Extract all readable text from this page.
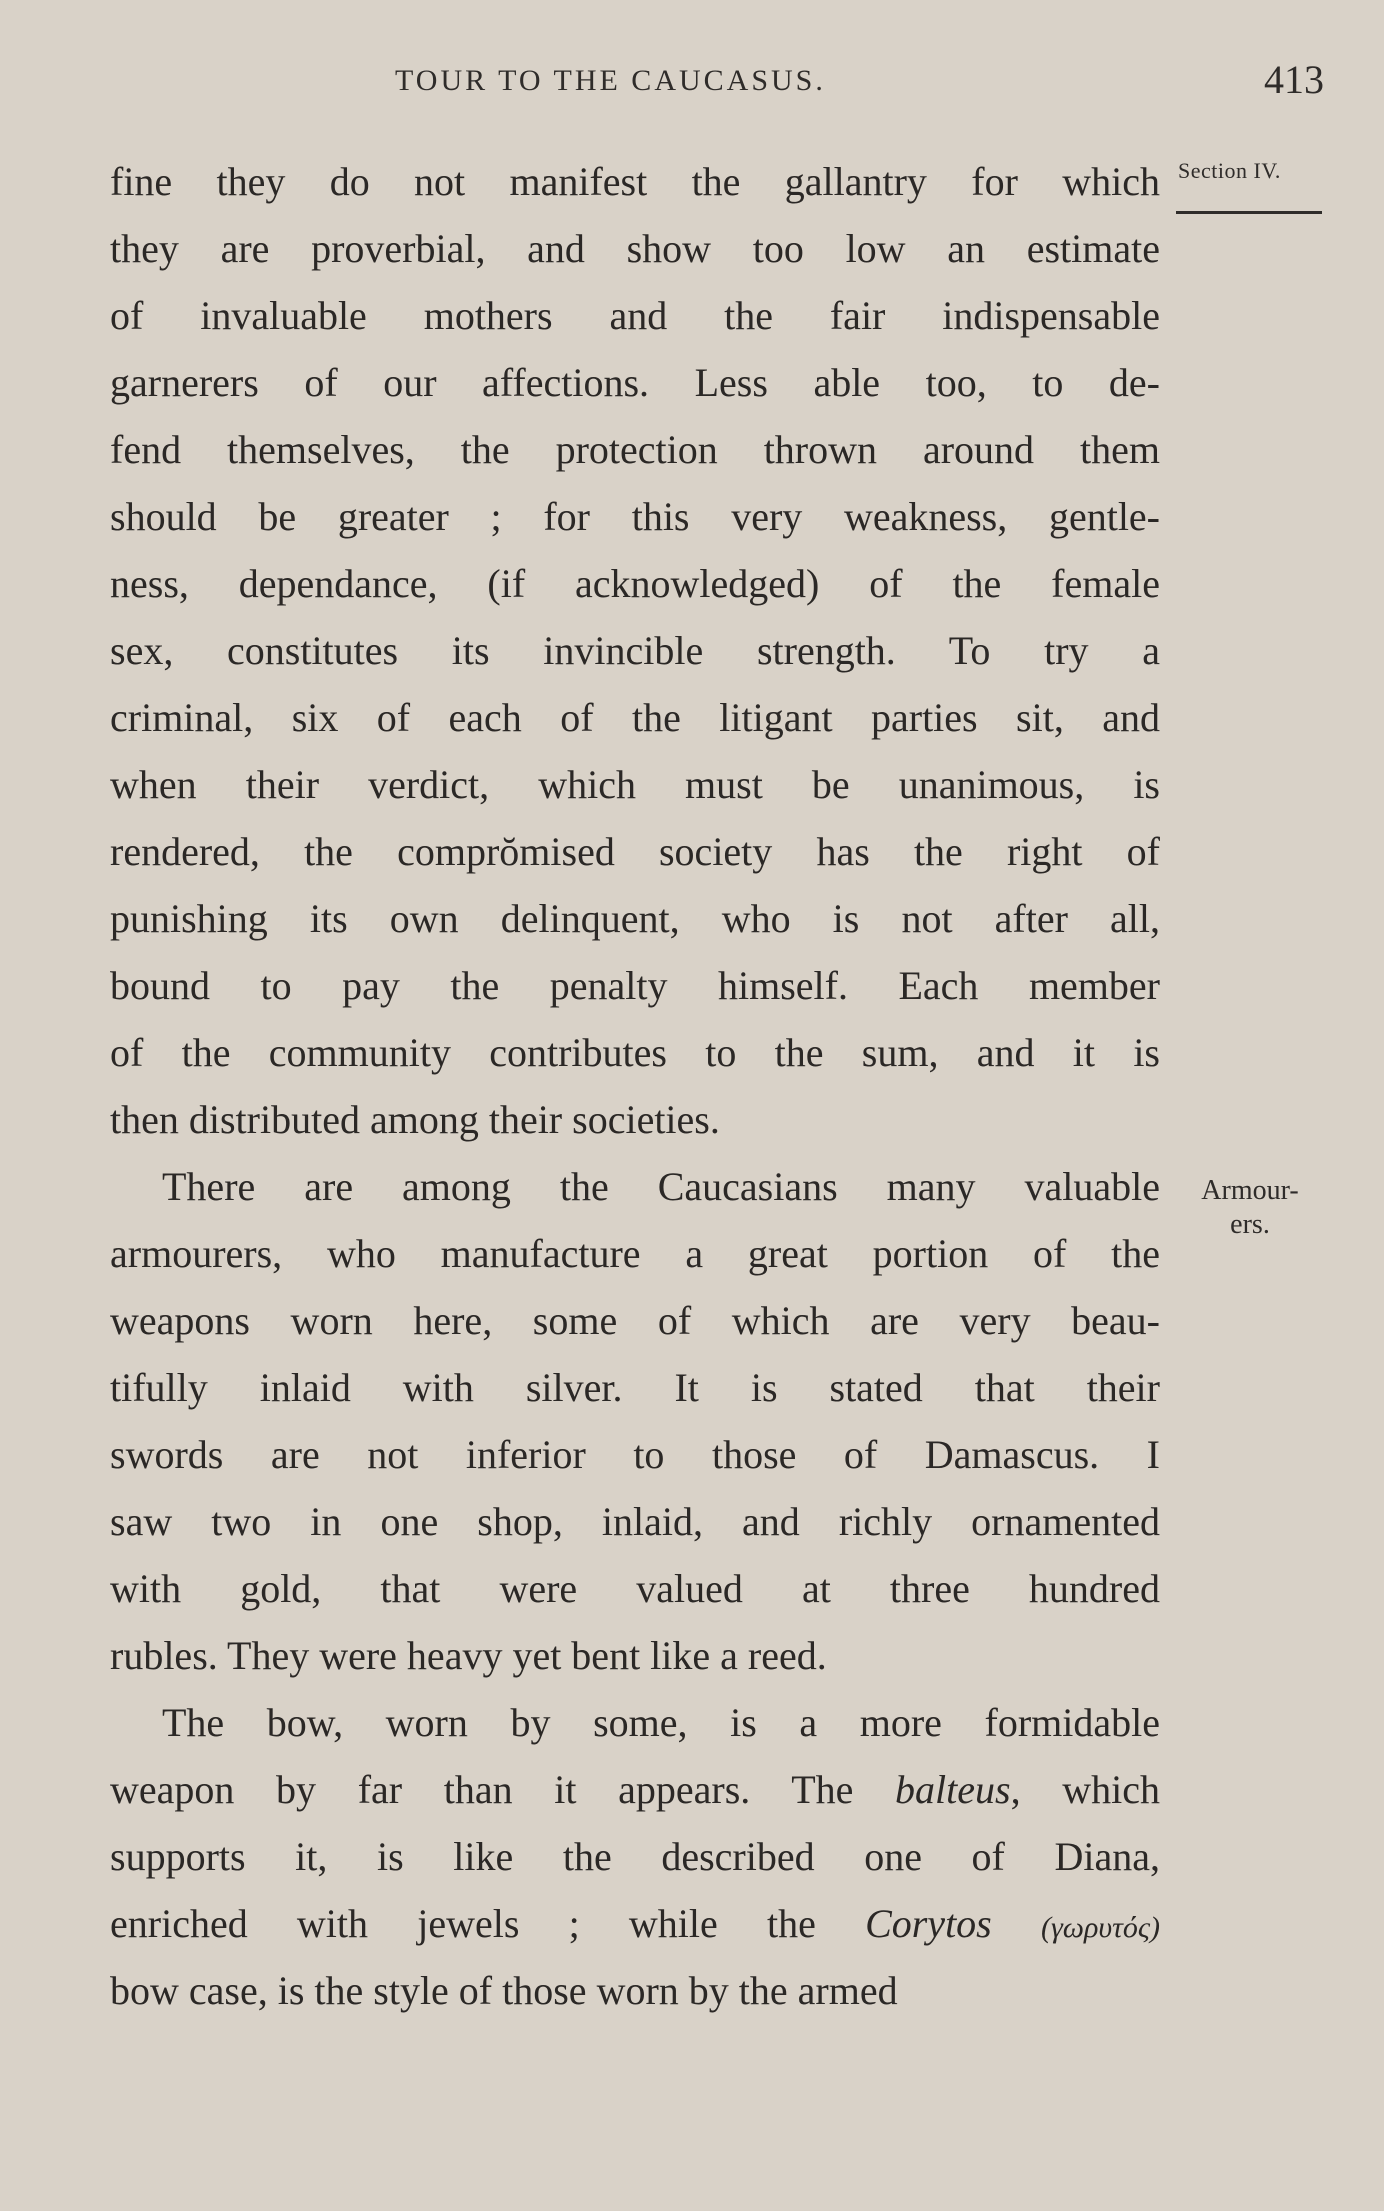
TOUR TO THE CAUCASUS.	413
Section IV.
Armour-
ers.
fine they do not manifest the gallantry for which
they are proverbial, and show too low an estimate
of invaluable mothers and the fair indispensable
garnerers of our affections. Less able too, to de-
fend themselves, the protection thrown around them
should be greater ; for this very weakness, gentle-
ness, dependance, (if acknowledged) of the female
sex, constitutes its invincible strength. To try a
criminal, six of each of the litigant parties sit, and
when their verdict, which must be unanimous, is
rendered, the comprŏmised society has the right of
punishing its own delinquent, who is not after all,
bound to pay the penalty himself. Each member
of the community contributes to the sum, and it is
then distributed among their societies.
There are among the Caucasians many valuable
armourers, who manufacture a great portion of the
weapons worn here, some of which are very beau-
tifully inlaid with silver. It is stated that their
swords are not inferior to those of Damascus. I
saw two in one shop, inlaid, and richly ornamented
with gold, that were valued at three hundred
rubles. They were heavy yet bent like a reed.
The bow, worn by some, is a more formidable
weapon by far than it appears. The balteus, which
supports it, is like the described one of Diana,
enriched with jewels ; while the Corytos (γωρυτός)
bow case, is the style of those worn by the armed
